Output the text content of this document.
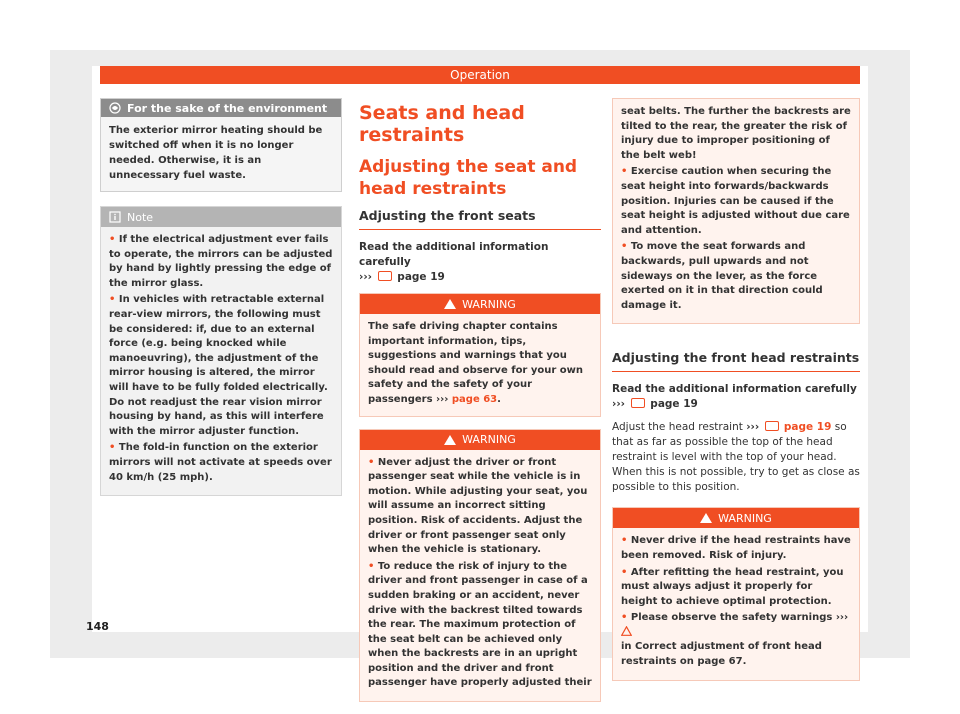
Operation
For the sake of the environment
The exterior mirror heating should be switched off when it is no longer needed. Otherwise, it is an unnecessary fuel waste.
Note

• If the electrical adjustment ever fails to operate, the mirrors can be adjusted by hand by lightly pressing the edge of the mirror glass.

• In vehicles with retractable external rear-view mirrors, the following must be considered: if, due to an external force (e.g. being knocked while manoeuvring), the adjustment of the mirror housing is altered, the mirror will have to be fully folded electrically. Do not readjust the rear vision mirror housing by hand, as this will interfere with the mirror adjuster function.

• The fold-in function on the exterior mirrors will not activate at speeds over 40 km/h (25 mph).

Seats and head restraints
Adjusting the seat and head restraints
Adjusting the front seats
Read the additional information carefully
››› page 19
WARNING
The safe driving chapter contains important information, tips, suggestions and warnings that you should read and observe for your own safety and the safety of your passengers ››› page 63.
WARNING

• Never adjust the driver or front passenger seat while the vehicle is in motion. While adjusting your seat, you will assume an incorrect sitting position. Risk of accidents. Adjust the driver or front passenger seat only when the vehicle is stationary.

• To reduce the risk of injury to the driver and front passenger in case of a sudden braking or an accident, never drive with the backrest tilted towards the rear. The maximum protection of the seat belt can be achieved only when the backrests are in an upright position and the driver and front passenger have properly adjusted their

seat belts. The further the backrests are tilted to the rear, the greater the risk of injury due to improper positioning of the belt web!

• Exercise caution when securing the seat height into forwards/backwards position. Injuries can be caused if the seat height is adjusted without due care and attention.

• To move the seat forwards and backwards, pull upwards and not sideways on the lever, as the force exerted on it in that direction could damage it.

Adjusting the front head restraints
Read the additional information carefully
››› page 19
Adjust the head restraint ››› page 19 so that as far as possible the top of the head restraint is level with the top of your head. When this is not possible, try to get as close as possible to this position.
WARNING

• Never drive if the head restraints have been removed. Risk of injury.

• After refitting the head restraint, you must always adjust it properly for height to achieve optimal protection.

• Please observe the safety warnings ›››
in Correct adjustment of front head restraints on page 67.

148
